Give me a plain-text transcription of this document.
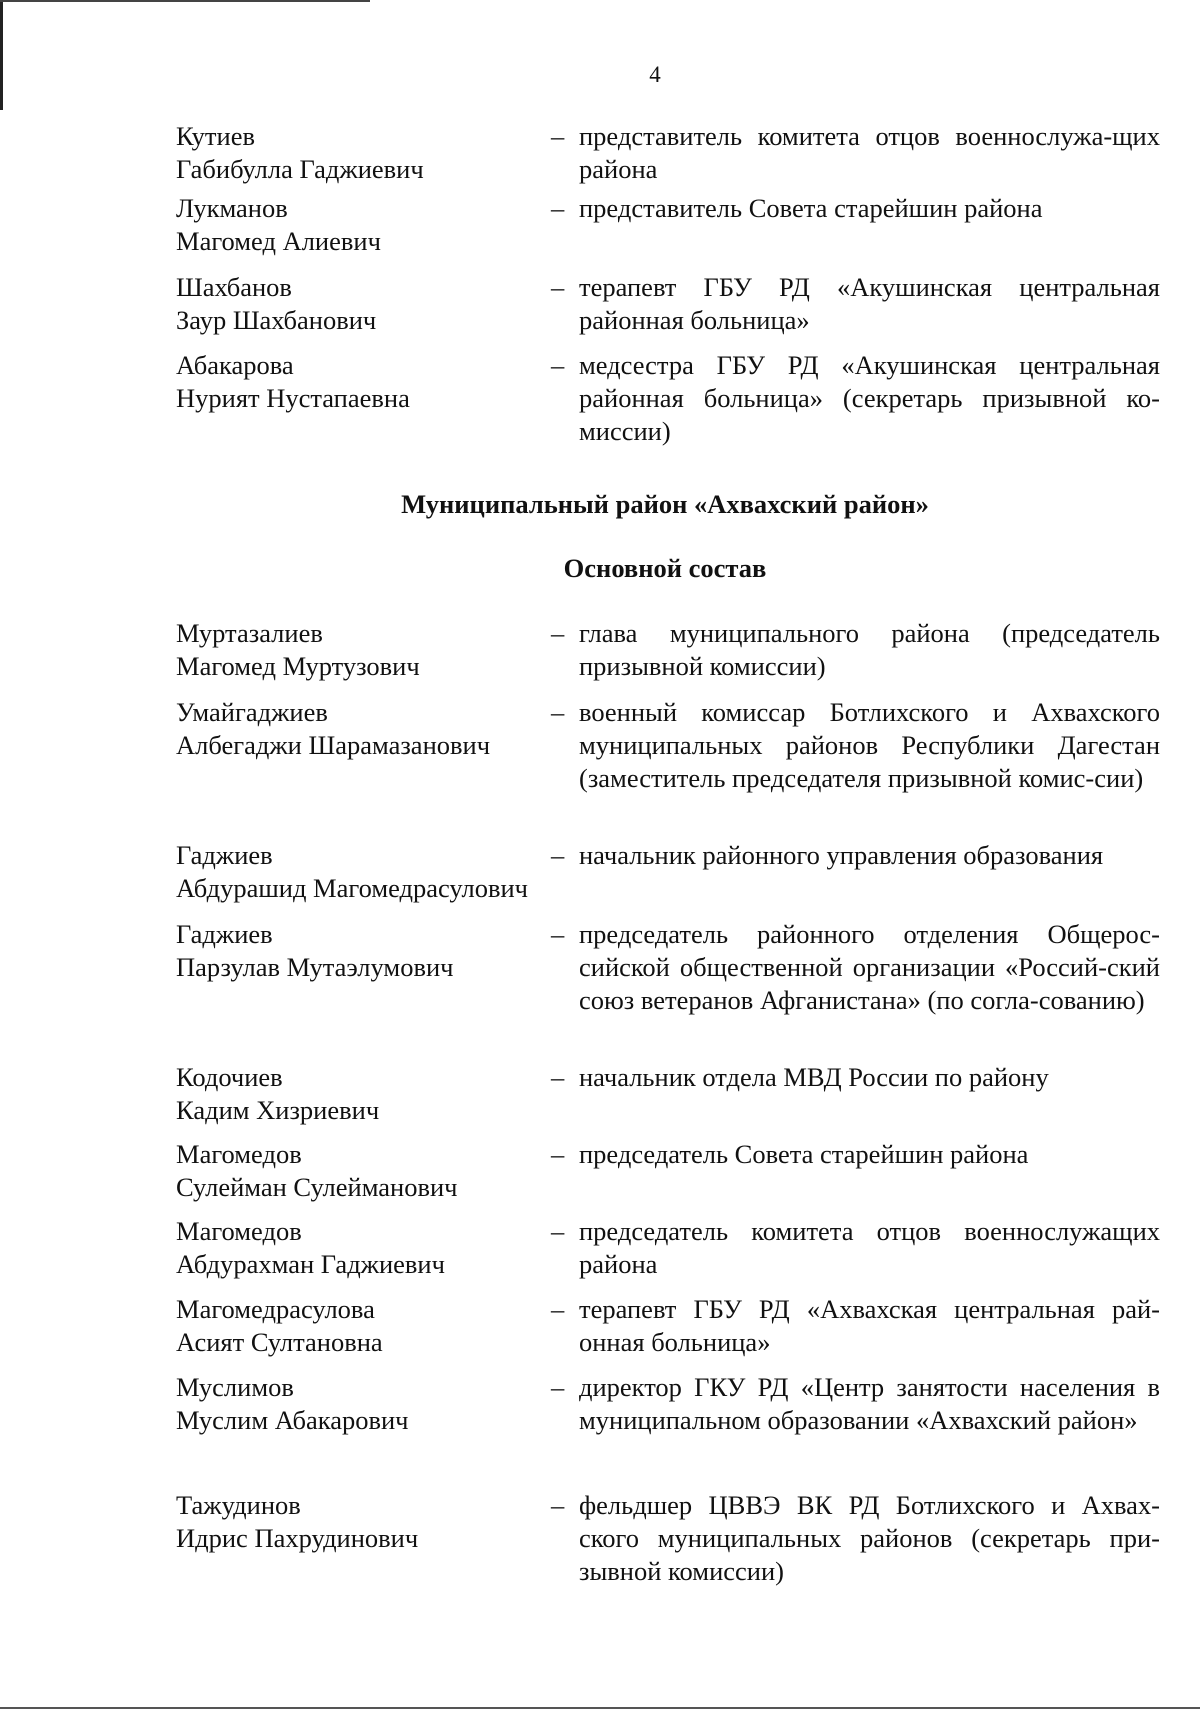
4
Кутиев
Габибулла Гаджиевич
– представитель комитета отцов военнослужа-щих района
Лукманов
Магомед Алиевич
– представитель Совета старейшин района
Шахбанов
Заур Шахбанович
– терапевт ГБУ РД «Акушинская центральная районная больница»
Абакарова
Нурият Нустапаевна
– медсестра ГБУ РД «Акушинская центральная районная больница» (секретарь призывной ко-миссии)
Муниципальный район «Ахвахский район»
Основной состав
Муртазалиев
Магомед Муртузович
– глава муниципального района (председатель призывной комиссии)
Умайгаджиев
Албегаджи Шарамазанович
– военный комиссар Ботлихского и Ахвахского муниципальных районов Республики Дагестан (заместитель председателя призывной комис-сии)
Гаджиев
Абдурашид Магомедрасулович
– начальник районного управления образования
Гаджиев
Парзулав Мутаэлумович
– председатель районного отделения Общерос-сийской общественной организации «Россий-ский союз ветеранов Афганистана» (по согла-сованию)
Кодочиев
Кадим Хизриевич
– начальник отдела МВД России по району
Магомедов
Сулейман Сулейманович
– председатель Совета старейшин района
Магомедов
Абдурахман Гаджиевич
– председатель комитета отцов военнослужащих района
Магомедрасулова
Асият Султановна
– терапевт ГБУ РД «Ахвахская центральная рай-онная больница»
Муслимов
Муслим Абакарович
– директор ГКУ РД «Центр занятости населения в муниципальном образовании «Ахвахский район»
Тажудинов
Идрис Пахрудинович
– фельдшер ЦВВЭ ВК РД Ботлихского и Ахвах-ского муниципальных районов (секретарь при-зывной комиссии)
